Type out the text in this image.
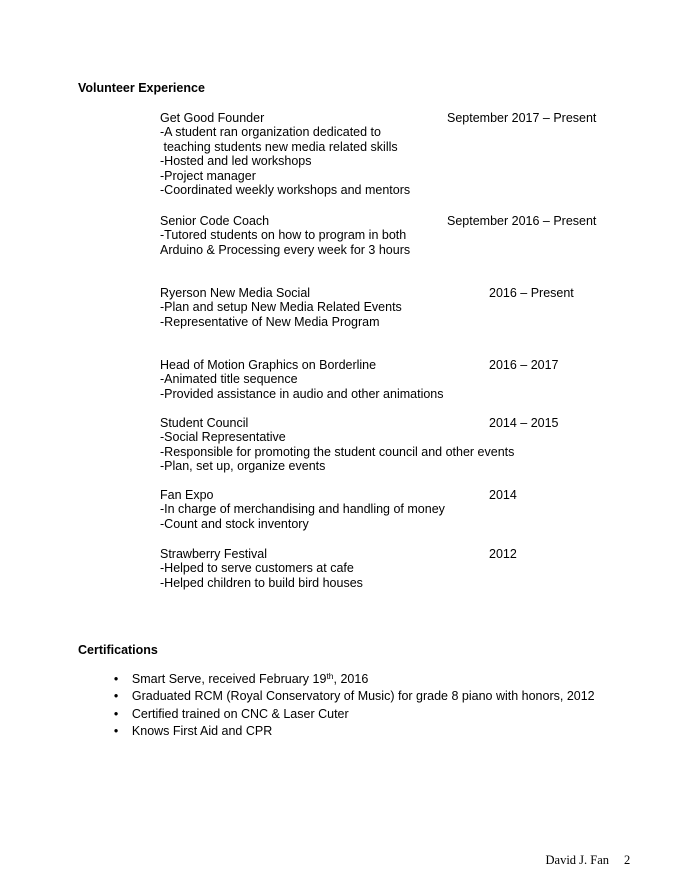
Volunteer Experience
Get Good Founder	September 2017 – Present
-A student ran organization dedicated to
teaching students new media related skills
-Hosted and led workshops
-Project manager
-Coordinated weekly workshops and mentors
Senior Code Coach	September 2016 – Present
-Tutored students on how to program in both
Arduino & Processing every week for 3 hours
Ryerson New Media Social	2016 – Present
-Plan and setup New Media Related Events
-Representative of New Media Program
Head of Motion Graphics on Borderline	2016 – 2017
-Animated title sequence
-Provided assistance in audio and other animations
Student Council	2014 – 2015
-Social Representative
-Responsible for promoting the student council and other events
-Plan, set up, organize events
Fan Expo	2014
-In charge of merchandising and handling of money
-Count and stock inventory
Strawberry Festival	2012
-Helped to serve customers at cafe
-Helped children to build bird houses
Certifications

• Smart Serve, received February 19th, 2016

• Graduated RCM (Royal Conservatory of Music) for grade 8 piano with honors, 2012

• Certified trained on CNC & Laser Cuter

• Knows First Aid and CPR

David J. Fan 2
